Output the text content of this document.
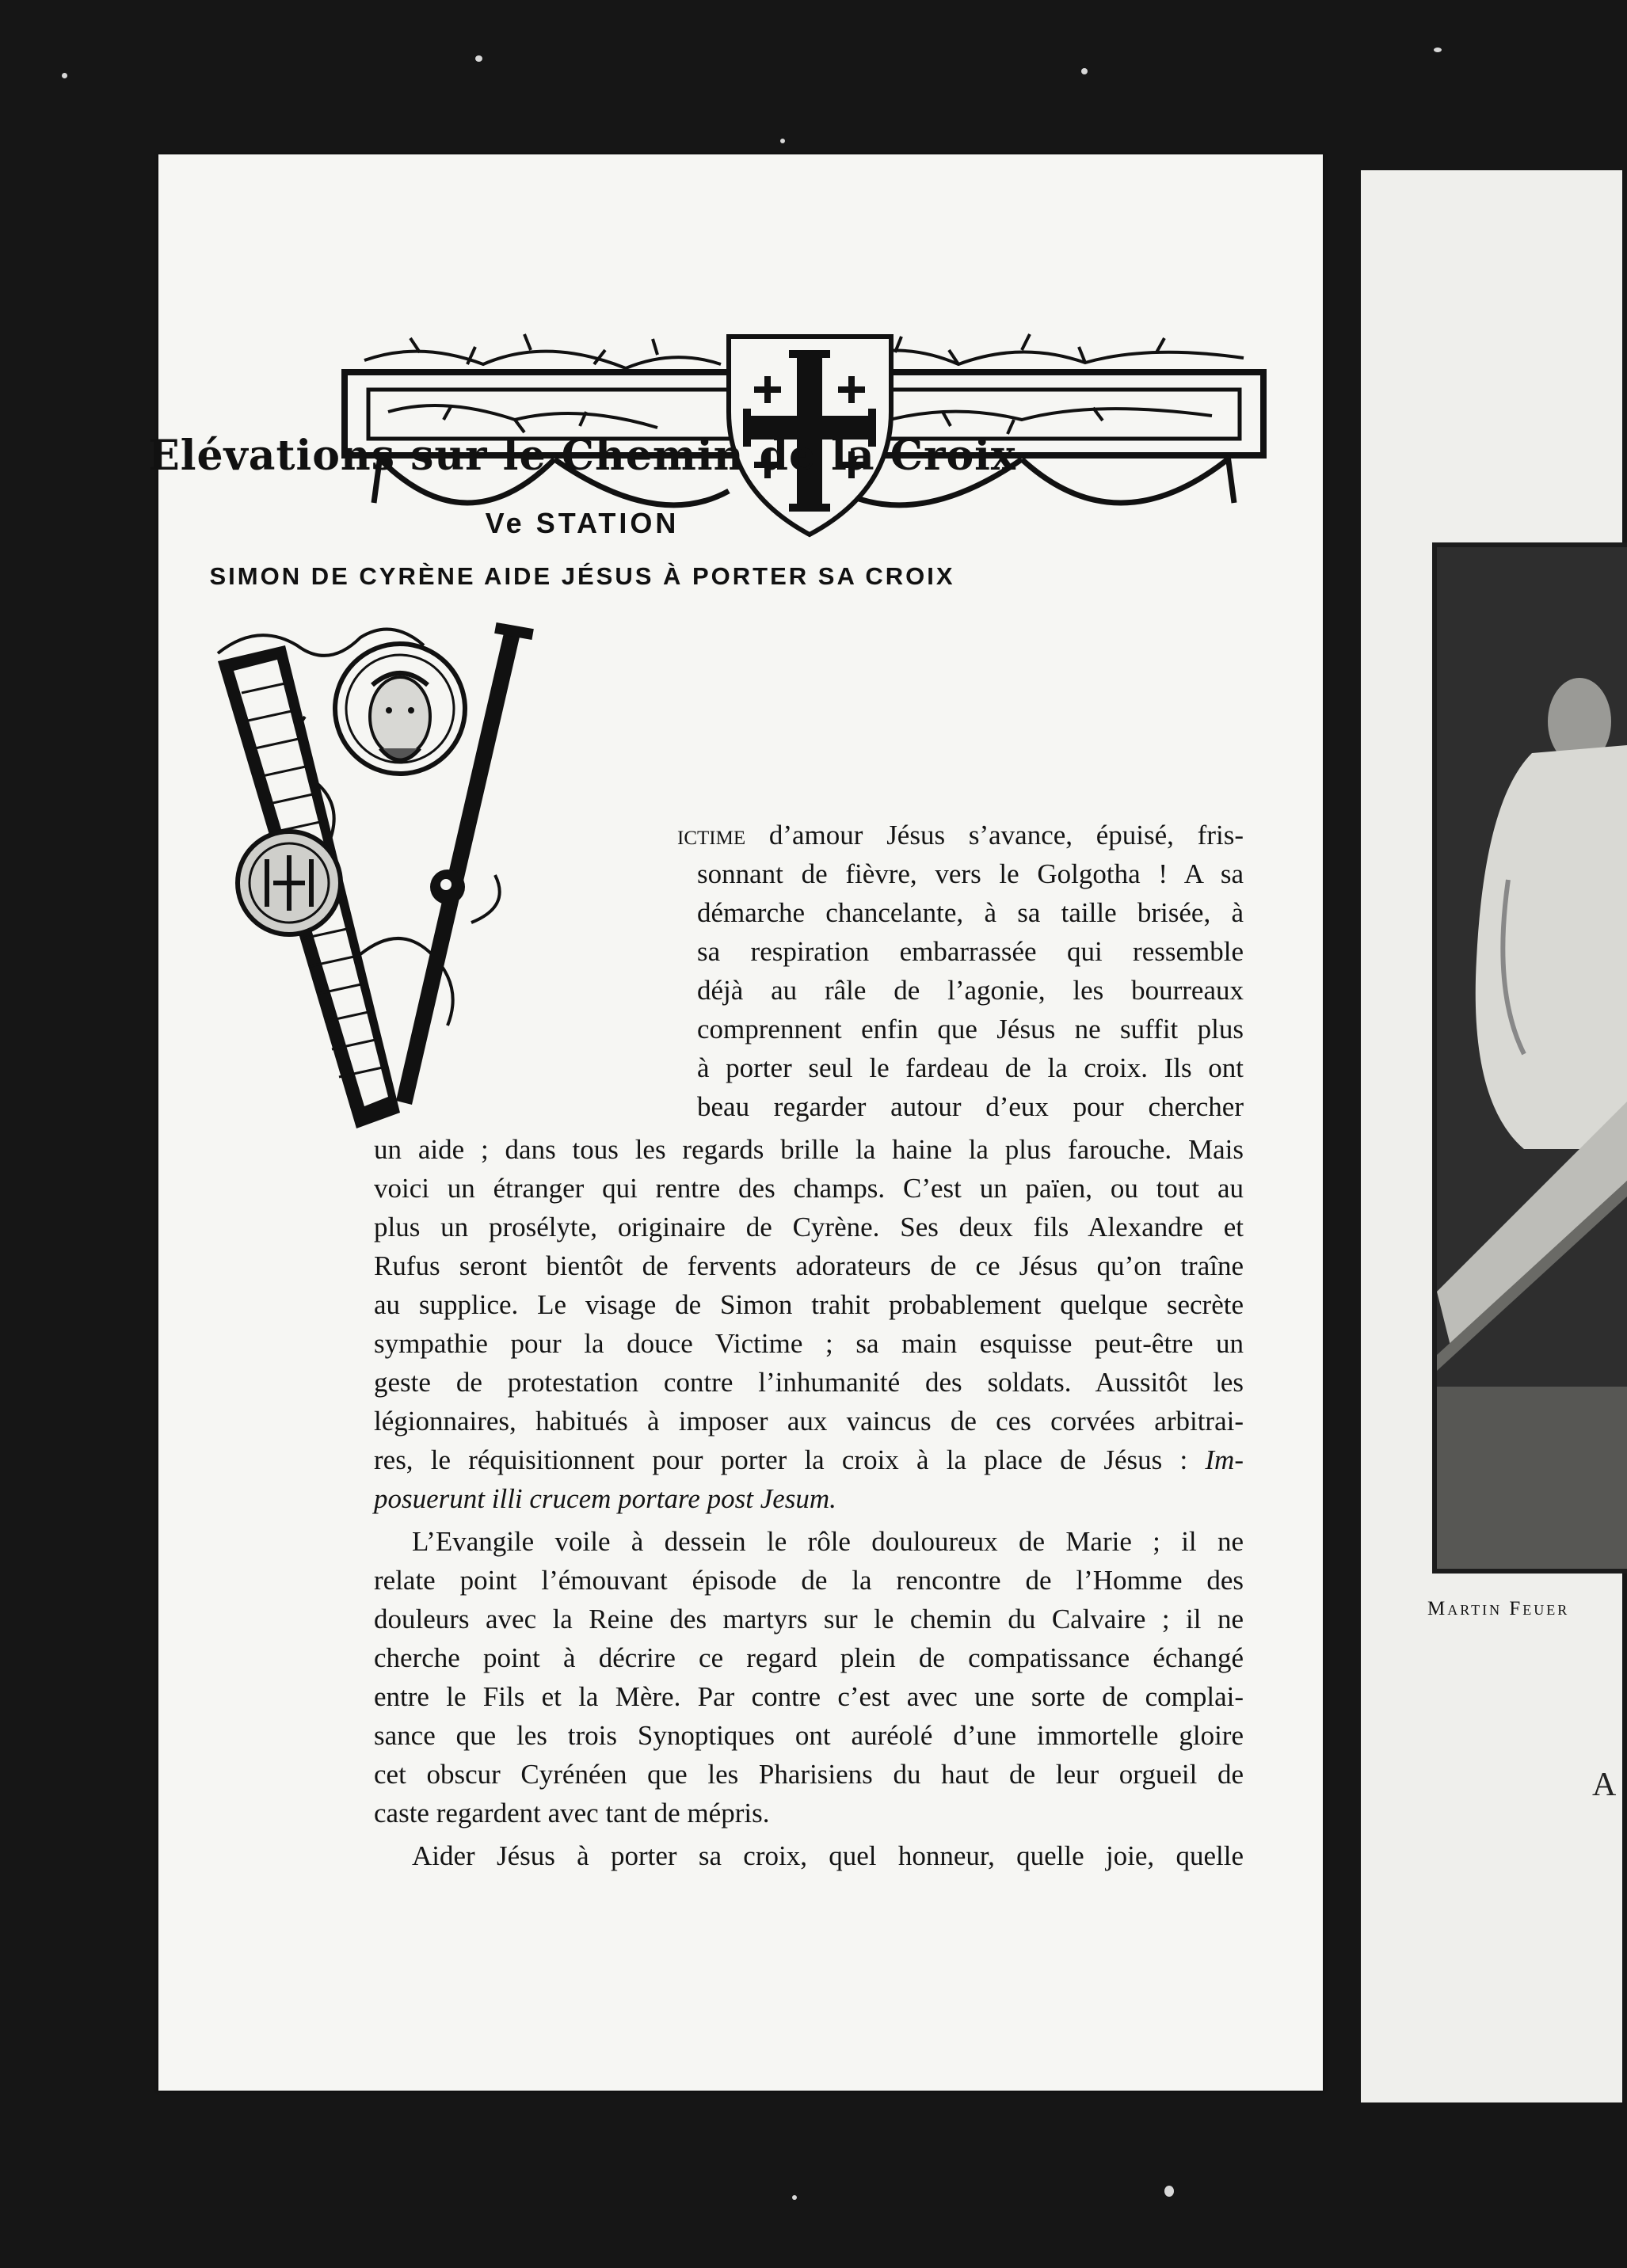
Elévations sur le Chemin de la Croix
Ve STATION
SIMON DE CYRÈNE AIDE JÉSUS À PORTER SA CROIX

ictime d’amour Jésus s’avance, épuisé, fris-

sonnant de fièvre, vers le Golgotha ! A sa

démarche chancelante, à sa taille brisée, à

sa respiration embarrassée qui ressemble

déjà au râle de l’agonie, les bourreaux

comprennent enfin que Jésus ne suffit plus

à porter seul le fardeau de la croix. Ils ont

beau regarder autour d’eux pour chercher

un aide ; dans tous les regards brille la haine la plus farouche. Mais

voici un étranger qui rentre des champs. C’est un païen, ou tout au

plus un prosélyte, originaire de Cyrène. Ses deux fils Alexandre et

Rufus seront bientôt de fervents adorateurs de ce Jésus qu’on traîne

au supplice. Le visage de Simon trahit probablement quelque secrète

sympathie pour la douce Victime ; sa main esquisse peut-être un

geste de protestation contre l’inhumanité des soldats. Aussitôt les

légionnaires, habitués à imposer aux vaincus de ces corvées arbitrai-

res, le réquisitionnent pour porter la croix à la place de Jésus : Im-

posuerunt illi crucem portare post Jesum.

L’Evangile voile à dessein le rôle douloureux de Marie ; il ne

relate point l’émouvant épisode de la rencontre de l’Homme des

douleurs avec la Reine des martyrs sur le chemin du Calvaire ; il ne

cherche point à décrire ce regard plein de compatissance échangé

entre le Fils et la Mère. Par contre c’est avec une sorte de complai-

sance que les trois Synoptiques ont auréolé d’une immortelle gloire

cet obscur Cyrénéen que les Pharisiens du haut de leur orgueil de

caste regardent avec tant de mépris.

Aider Jésus à porter sa croix, quel honneur, quelle joie, quelle

Martin Feuer
A
